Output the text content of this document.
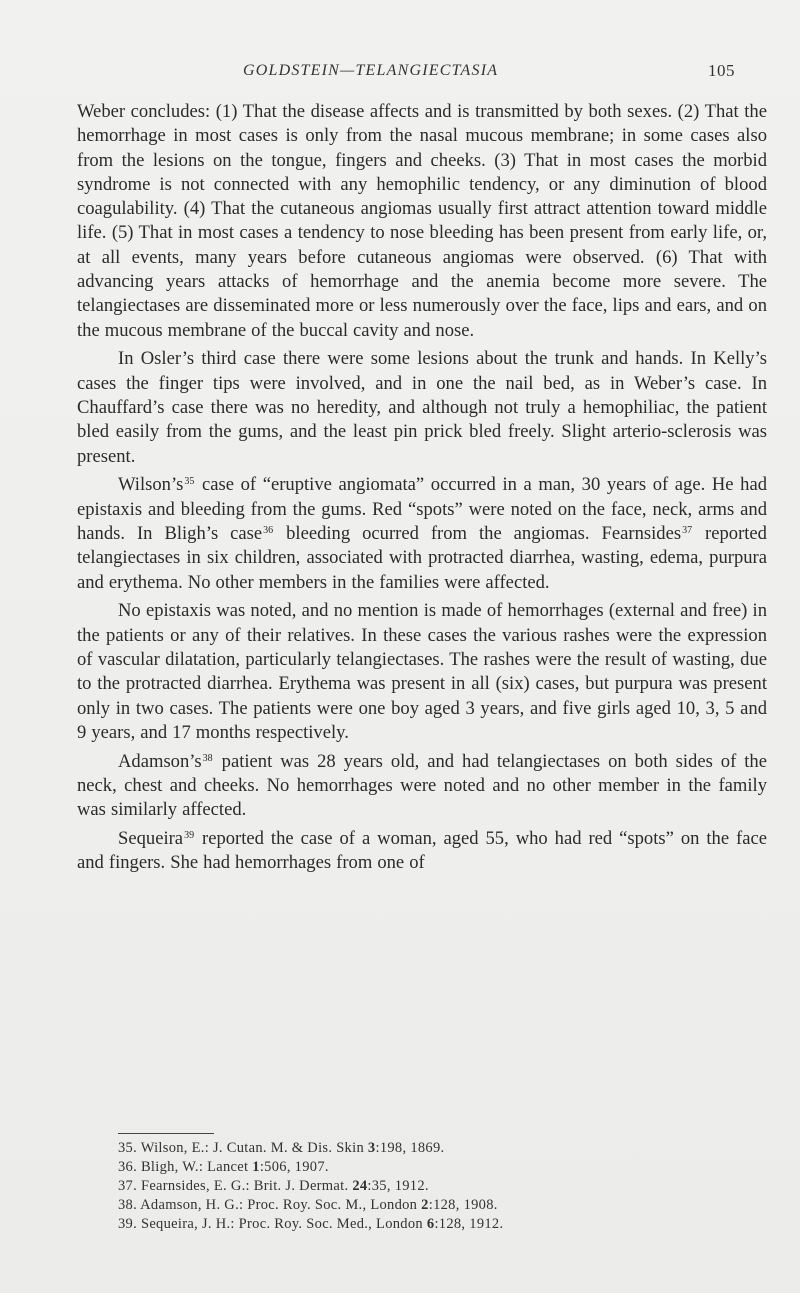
GOLDSTEIN—TELANGIECTASIA	105

Weber concludes: (1) That the disease affects and is transmitted by both sexes. (2) That the hemorrhage in most cases is only from the nasal mucous membrane; in some cases also from the lesions on the tongue, fingers and cheeks. (3) That in most cases the morbid syndrome is not connected with any hemophilic tendency, or any diminution of blood coagulability. (4) That the cutaneous angiomas usually first attract attention toward middle life. (5) That in most cases a tendency to nose bleeding has been present from early life, or, at all events, many years before cutaneous angiomas were observed. (6) That with advancing years attacks of hemorrhage and the anemia become more severe. The telangiectases are disseminated more or less numerously over the face, lips and ears, and on the mucous membrane of the buccal cavity and nose.

In Osler’s third case there were some lesions about the trunk and hands. In Kelly’s cases the finger tips were involved, and in one the nail bed, as in Weber’s case. In Chauffard’s case there was no heredity, and although not truly a hemophiliac, the patient bled easily from the gums, and the least pin prick bled freely. Slight arterio-sclerosis was present.

$Wilson’s^{35}$ case of “eruptive angiomata” occurred in a man, 30 years of age. He had epistaxis and bleeding from the gums. Red “spots” were noted on the face, neck, arms and hands. In Bligh’s case$^{36}$ bleeding ocurred from the angiomas. Fearnsides$^{37}$ reported telangiectases in six children, associated with protracted diarrhea, wasting, edema, purpura and erythema. No other members in the families were affected.

No epistaxis was noted, and no mention is made of hemorrhages (external and free) in the patients or any of their relatives. In these cases the various rashes were the expression of vascular dilatation, particularly telangiectases. The rashes were the result of wasting, due to the protracted diarrhea. Erythema was present in all (six) cases, but purpura was present only in two cases. The patients were one boy aged 3 years, and five girls aged 10, 3, 5 and 9 years, and 17 months respectively.

$Adamson’s^{38}$ patient was 28 years old, and had telangiectases on both sides of the neck, chest and cheeks. No hemorrhages were noted and no other member in the family was similarly affected.

Sequeira$^{39}$ reported the case of a woman, aged 55, who had red “spots” on the face and fingers. She had hemorrhages from one of

35. Wilson, E.: J. Cutan. M. & Dis. Skin 3:198, 1869.
36. Bligh, W.: Lancet 1:506, 1907.
37. Fearnsides, E. G.: Brit. J. Dermat. 24:35, 1912.
38. Adamson, H. G.: Proc. Roy. Soc. M., London 2:128, 1908.
39. Sequeira, J. H.: Proc. Roy. Soc. Med., London 6:128, 1912.
